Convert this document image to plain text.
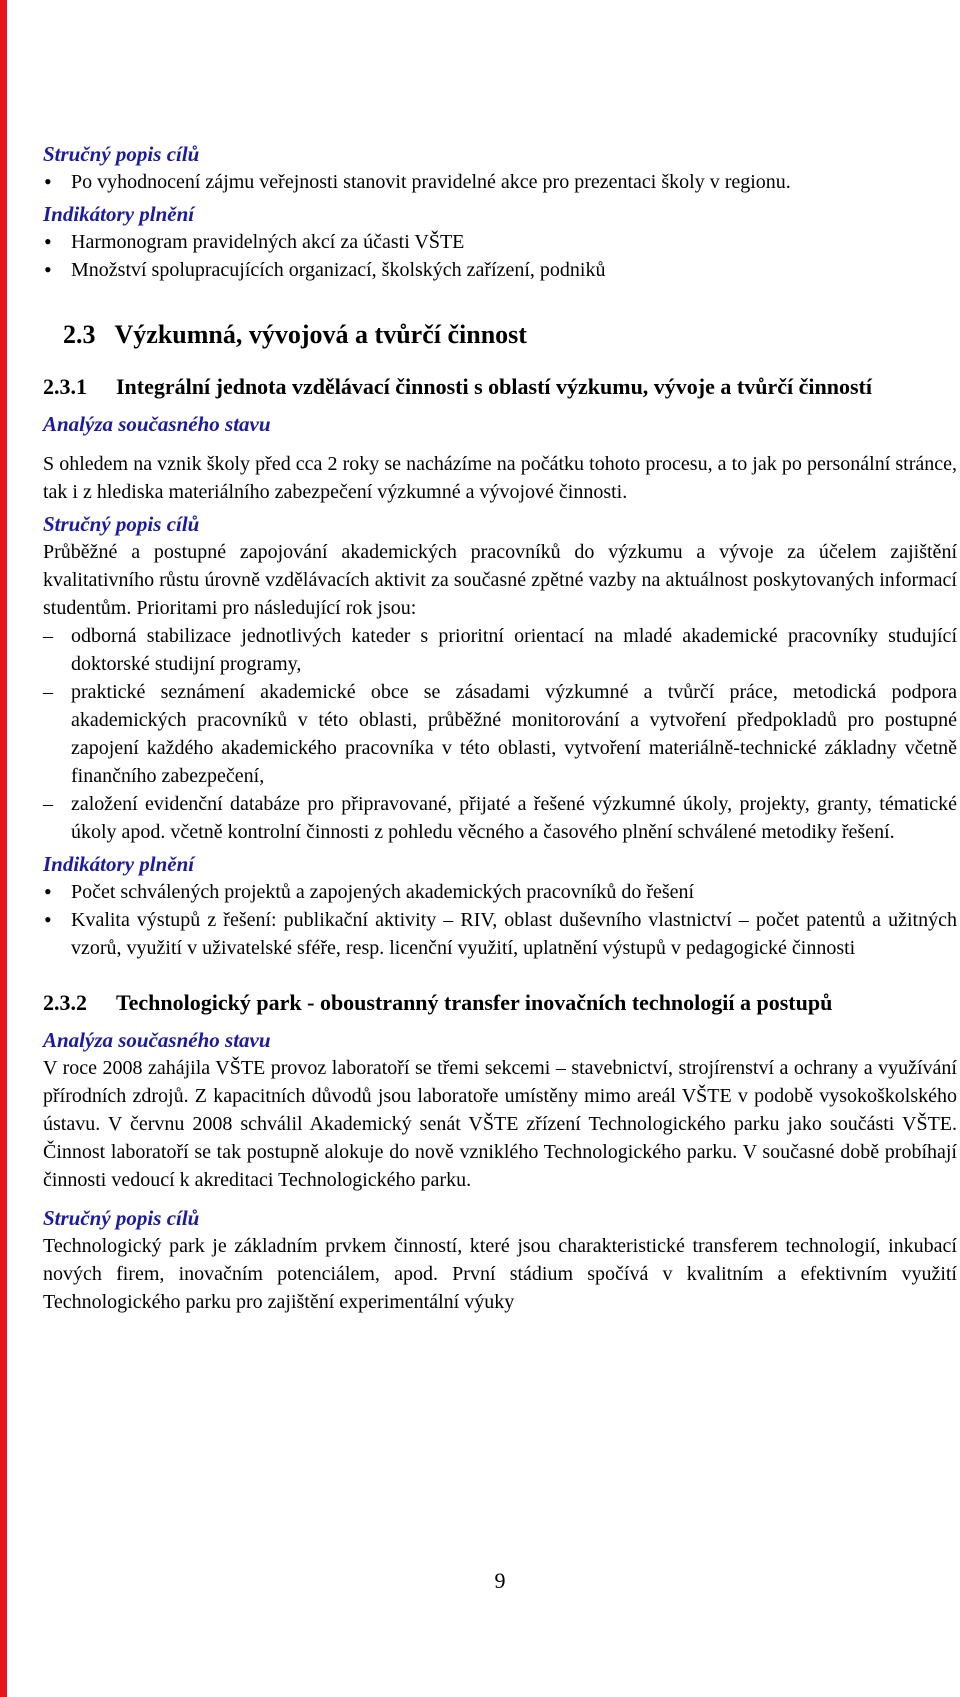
Stručný popis cílů
• Po vyhodnocení zájmu veřejnosti stanovit pravidelné akce pro prezentaci školy v regionu.
Indikátory plnění
• Harmonogram pravidelných akcí za účasti VŠTE
• Množství spolupracujících organizací, školských zařízení, podniků
2.3 Výzkumná, vývojová a tvůrčí činnost
2.3.1 Integrální jednota vzdělávací činnosti s oblastí výzkumu, vývoje a tvůrčí činností
Analýza současného stavu

S ohledem na vznik školy před cca 2 roky se nacházíme na počátku tohoto procesu, a to jak po personální stránce, tak i z hlediska materiálního zabezpečení výzkumné a vývojové činnosti.

Stručný popis cílů

Průběžné a postupné zapojování akademických pracovníků do výzkumu a vývoje za účelem zajištění kvalitativního růstu úrovně vzdělávacích aktivit za současné zpětné vazby na aktuálnost poskytovaných informací studentům. Prioritami pro následující rok jsou:

– odborná stabilizace jednotlivých kateder s prioritní orientací na mladé akademické pracovníky studující doktorské studijní programy,
– praktické seznámení akademické obce se zásadami výzkumné a tvůrčí práce, metodická podpora akademických pracovníků v této oblasti, průběžné monitorování a vytvoření předpokladů pro postupné zapojení každého akademického pracovníka v této oblasti, vytvoření materiálně-technické základny včetně finančního zabezpečení,
– založení evidenční databáze pro připravované, přijaté a řešené výzkumné úkoly, projekty, granty, tématické úkoly apod. včetně kontrolní činnosti z pohledu věcného a časového plnění schválené metodiky řešení.
Indikátory plnění
• Počet schválených projektů a zapojených akademických pracovníků do řešení
• Kvalita výstupů z řešení: publikační aktivity – RIV, oblast duševního vlastnictví – počet patentů a užitných vzorů, využití v uživatelské sféře, resp. licenční využití, uplatnění výstupů v pedagogické činnosti
2.3.2 Technologický park - oboustranný transfer inovačních technologií a postupů
Analýza současného stavu

V roce 2008 zahájila VŠTE provoz laboratoří se třemi sekcemi – stavebnictví, strojírenství a ochrany a využívání přírodních zdrojů. Z kapacitních důvodů jsou laboratoře umístěny mimo areál VŠTE v podobě vysokoškolského ústavu. V červnu 2008 schválil Akademický senát VŠTE zřízení Technologického parku jako součásti VŠTE. Činnost laboratoří se tak postupně alokuje do nově vzniklého Technologického parku. V současné době probíhají činnosti vedoucí k akreditaci Technologického parku.

Stručný popis cílů

Technologický park je základním prvkem činností, které jsou charakteristické transferem technologií, inkubací nových firem, inovačním potenciálem, apod. První stádium spočívá v kvalitním a efektivním využití Technologického parku pro zajištění experimentální výuky

9
